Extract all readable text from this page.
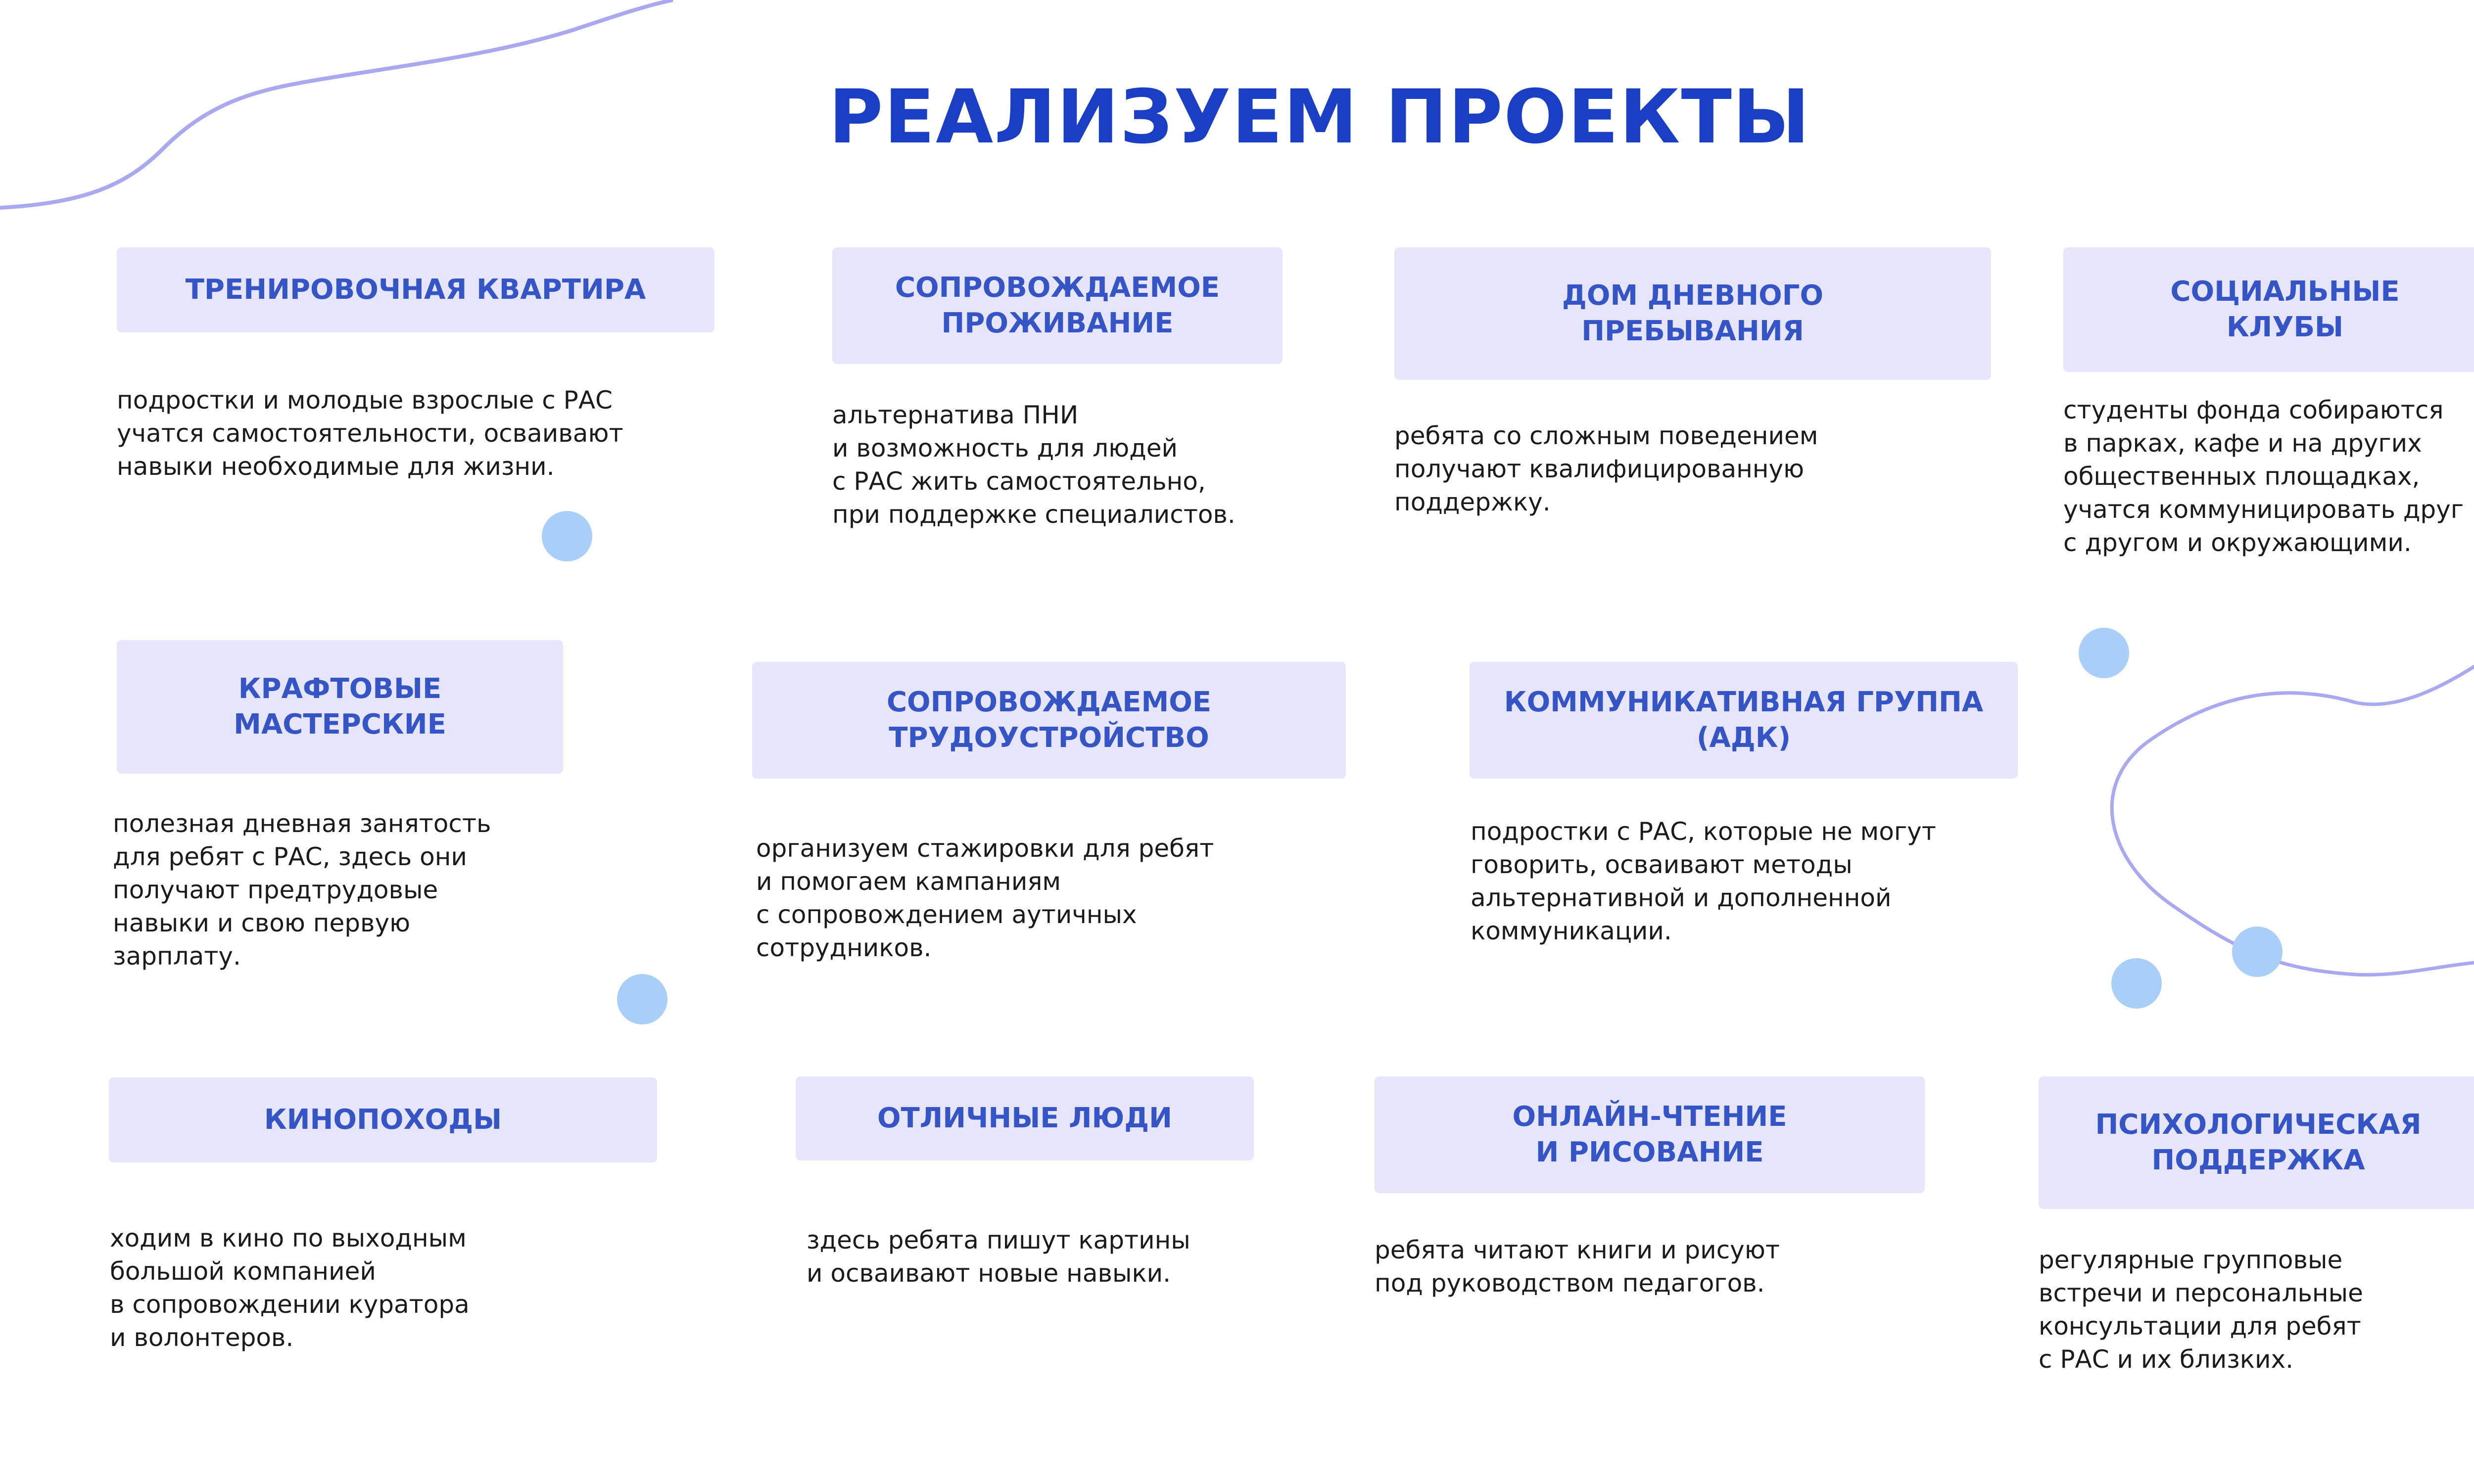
РЕАЛИЗУЕМ ПРОЕКТЫ
ТРЕНИРОВОЧНАЯ КВАРТИРА
подростки и молодые взрослые с РАС
учатся самостоятельности, осваивают
навыки необходимые для жизни.
СОПРОВОЖДАЕМОЕ
ПРОЖИВАНИЕ
альтернатива ПНИ
и возможность для людей
с РАС жить самостоятельно,
при поддержке специалистов.
ДОМ ДНЕВНОГО
ПРЕБЫВАНИЯ
ребята со сложным поведением
получают квалифицированную
поддержку.
СОЦИАЛЬНЫЕ
КЛУБЫ
студенты фонда собираются
в парках, кафе и на других
общественных площадках,
учатся коммуницировать друг
с другом и окружающими.
КРАФТОВЫЕ
МАСТЕРСКИЕ
полезная дневная занятость
для ребят с РАС, здесь они
получают предтрудовые
навыки и свою первую
зарплату.
СОПРОВОЖДАЕМОЕ
ТРУДОУСТРОЙСТВО
организуем стажировки для ребят
и помогаем кампаниям
с сопровождением аутичных
сотрудников.
КОММУНИКАТИВНАЯ ГРУППА
(АДК)
подростки с РАС, которые не могут
говорить, осваивают методы
альтернативной и дополненной
коммуникации.
КИНОПОХОДЫ
ходим в кино по выходным
большой компанией
в сопровождении куратора
и волонтеров.
ОТЛИЧНЫЕ ЛЮДИ
здесь ребята пишут картины
и осваивают новые навыки.
ОНЛАЙН-ЧТЕНИЕ
И РИСОВАНИЕ
ребята читают книги и рисуют
под руководством педагогов.
ПСИХОЛОГИЧЕСКАЯ
ПОДДЕРЖКА
регулярные групповые
встречи и персональные
консультации для ребят
с РАС и их близких.
